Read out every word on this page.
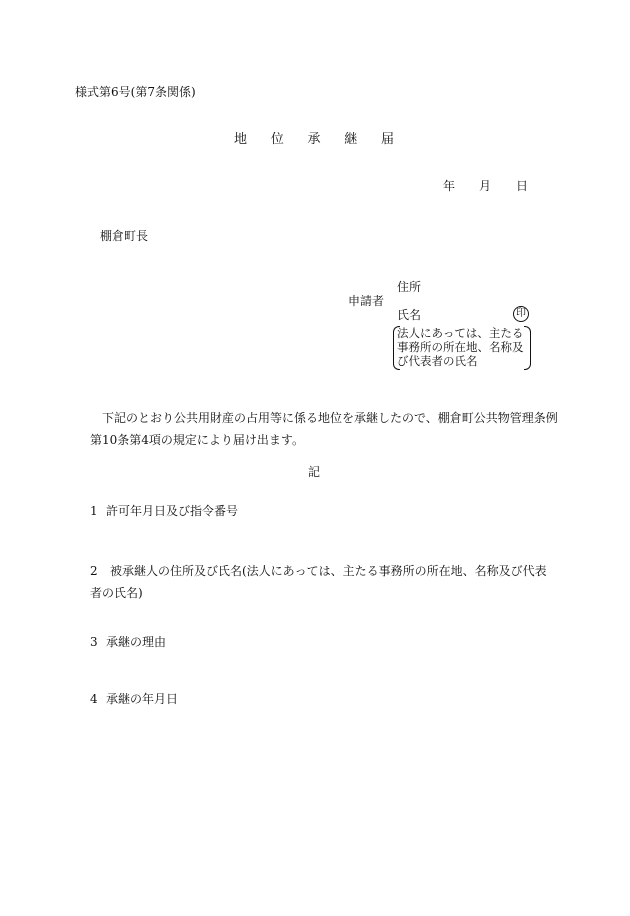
様式第6号(第7条関係)
地 位 承 継 届
年 月 日
棚倉町長
申請者
住所
氏名	印
法人にあっては、主たる事務所の所在地、名称及び代表者の氏名
下記のとおり公共用財産の占用等に係る地位を承継したので、棚倉町公共物管理条例第10条第4項の規定により届け出ます。
記
1 許可年月日及び指令番号
2 被承継人の住所及び氏名(法人にあっては、主たる事務所の所在地、名称及び代表者の氏名)
3 承継の理由
4 承継の年月日
